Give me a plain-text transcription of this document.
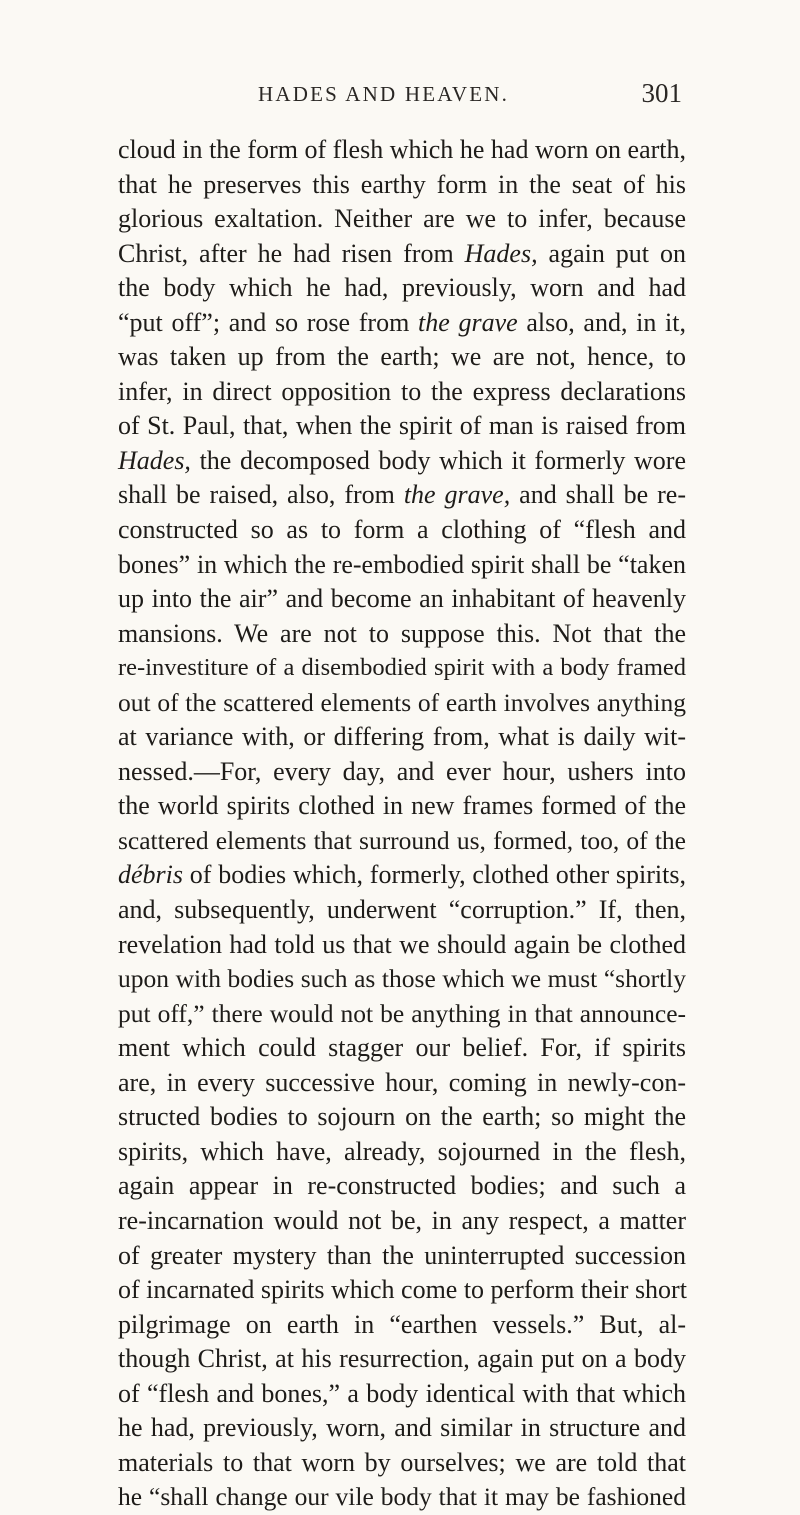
HADES AND HEAVEN.	301
cloud in the form of flesh which he had worn on earth,
that he preserves this earthy form in the seat of his
glorious exaltation. Neither are we to infer, because
Christ, after he had risen from Hades, again put on
the body which he had, previously, worn and had
“put off”; and so rose from the grave also, and, in it,
was taken up from the earth; we are not, hence, to
infer, in direct opposition to the express declarations
of St. Paul, that, when the spirit of man is raised from
Hades, the decomposed body which it formerly wore
shall be raised, also, from the grave, and shall be re-
constructed so as to form a clothing of “flesh and
bones” in which the re-embodied spirit shall be “taken
up into the air” and become an inhabitant of heavenly
mansions. We are not to suppose this. Not that the
re-investiture of a disembodied spirit with a body framed
out of the scattered elements of earth involves anything
at variance with, or differing from, what is daily wit-
nessed.—For, every day, and ever hour, ushers into
the world spirits clothed in new frames formed of the
scattered elements that surround us, formed, too, of the
débris of bodies which, formerly, clothed other spirits,
and, subsequently, underwent “corruption.” If, then,
revelation had told us that we should again be clothed
upon with bodies such as those which we must “shortly
put off,” there would not be anything in that announce-
ment which could stagger our belief. For, if spirits
are, in every successive hour, coming in newly-con-
structed bodies to sojourn on the earth; so might the
spirits, which have, already, sojourned in the flesh,
again appear in re-constructed bodies; and such a
re-incarnation would not be, in any respect, a matter
of greater mystery than the uninterrupted succession
of incarnated spirits which come to perform their short
pilgrimage on earth in “earthen vessels.” But, al-
though Christ, at his resurrection, again put on a body
of “flesh and bones,” a body identical with that which
he had, previously, worn, and similar in structure and
materials to that worn by ourselves; we are told that
he “shall change our vile body that it may be fashioned
